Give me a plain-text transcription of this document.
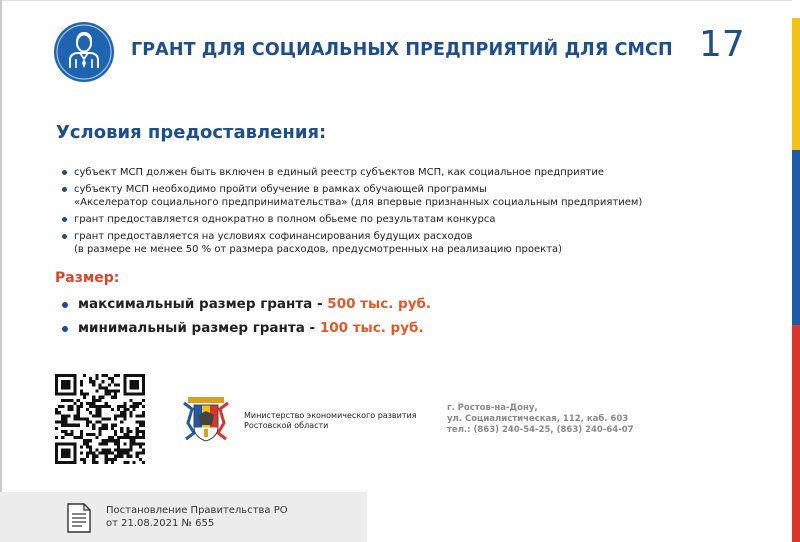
ГРАНТ ДЛЯ СОЦИАЛЬНЫХ ПРЕДПРИЯТИЙ ДЛЯ СМСП 17
Условия предоставления:
субъект МСП должен быть включен в единый реестр субъектов МСП, как социальное предприятие
субъекту МСП необходимо пройти обучение в рамках обучающей программы
«Акселератор социального предпринимательства» (для впервые признанных социальным предприятием)
грант предоставляется однократно в полном обьеме по результатам конкурса
грант предоставляется на условиях софинансирования будущих расходов
(в размере не менее 50 % от размера расходов, предусмотренных на реализацию проекта)
Размер:
максимальный размер гранта - 500 тыс. руб.
минимальный размер гранта - 100 тыс. руб.
Министерство экономического развития
Ростовской области
г. Ростов-на-Дону,
ул. Социалистическая, 112, каб. 603
тел.: (863) 240-54-25, (863) 240-64-07
Постановление Правительства РО
от 21.08.2021 № 655
